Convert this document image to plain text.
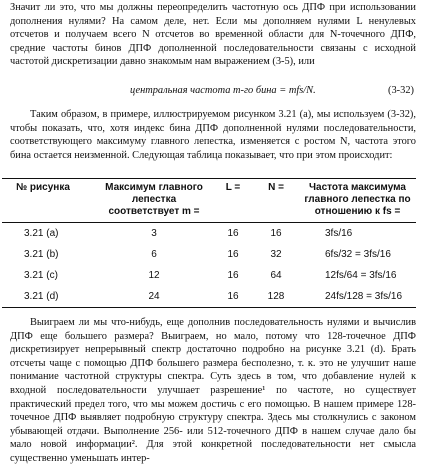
Значит ли это, что мы должны переопределить частотную ось ДПФ при использовании дополнения нулями? На самом деле, нет. Если мы дополняем нулями L ненулевых отсчетов и получаем всего N отсчетов во временной области для N-точечного ДПФ, средние частоты бинов ДПФ дополненной последовательности связаны с исходной частотой дискретизации давно знакомым нам выражением (3-5), или

центральная частота m-го бина = mfs/N.	(3-32)

Таким образом, в примере, иллюстрируемом рисунком 3.21 (а), мы используем (3-32), чтобы показать, что, хотя индекс бина ДПФ дополненной нулями последовательности, соответствующего максимуму главного лепестка, изменяется с ростом N, частота этого бина остается неизменной. Следующая таблица показывает, что при этом происходит:

№ рисунка	Максимум главного лепестка соответствует m =	L =	N =	Частота максимума главного лепестка по отношению к fs =
3.21 (a)	3	16	16	3fs/16
3.21 (b)	6	16	32	6fs/32 = 3fs/16
3.21 (c)	12	16	64	12fs/64 = 3fs/16
3.21 (d)	24	16	128	24fs/128 = 3fs/16

Выиграем ли мы что-нибудь, еще дополнив последовательность нулями и вычислив ДПФ еще большего размера? Выиграем, но мало, потому что 128-точечное ДПФ дискретизирует непрерывный спектр достаточно подробно на рисунке 3.21 (d). Брать отсчеты чаще с помощью ДПФ большего размера бесполезно, т. к. это не улучшит наше понимание частотной структуры спектра. Суть здесь в том, что добавление нулей к входной последовательности улучшает разрешение¹ по частоте, но существует практический предел того, что мы можем достичь с его помощью. В нашем примере 128-точечное ДПФ выявляет подробную структуру спектра. Здесь мы столкнулись с законом убывающей отдачи. Выполнение 256- или 512-точечного ДПФ в нашем случае дало бы мало новой информации². Для этой конкретной последовательности нет смысла существенно уменьшать интер-
